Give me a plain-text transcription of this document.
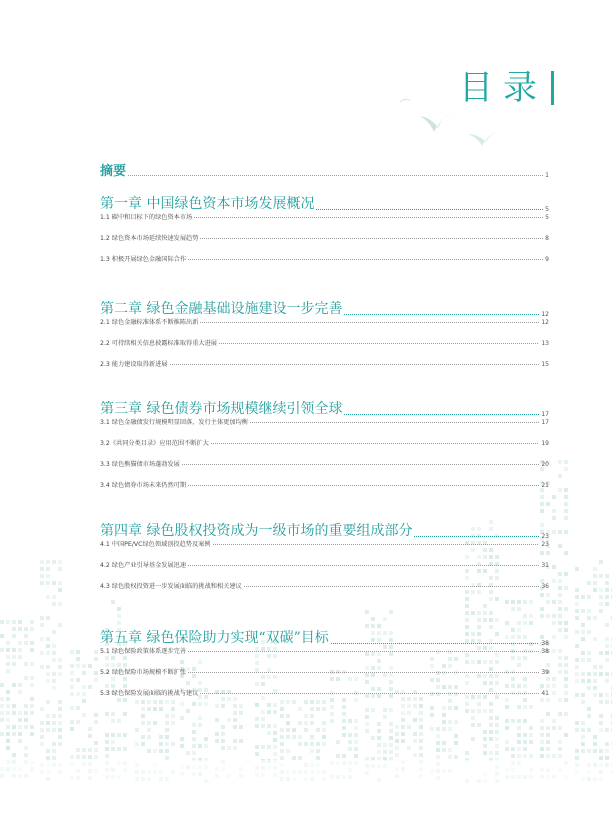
目录
摘要	1
第一章 中国绿色资本市场发展概况	5
1.1 碳中和目标下的绿色资本市场	5
1.2 绿色资本市场延续快速发展趋势	8
1.3 积极开展绿色金融国际合作	9
第二章 绿色金融基础设施建设一步完善	12
2.1 绿色金融标准体系不断推陈出新	12
2.2 可持续相关信息披露标准取得重大进展	13
2.3 能力建设取得新进展	15
第三章 绿色债券市场规模继续引领全球	17
3.1 绿色金融债发行规模明显回落，发行主体更加均衡	17
3.2《共同分类目录》应用范围不断扩大	19
3.3 绿色熊猫债市场蓬勃发展	20
3.4 绿色债券市场未来仍然可期	21
第四章 绿色股权投资成为一级市场的重要组成部分	23
4.1 中国PE/VC绿色领域创投趋势及案例	23
4.2 绿色产业引导基金发展迅速	31
4.3 绿色股权投资进一步发展面临的挑战和相关建议	36
第五章 绿色保险助力实现“双碳”目标	38
5.1 绿色保险政策体系逐步完善	38
5.2 绿色保险市场规模不断扩张	39
5.3 绿色保险发展面临的挑战与建议	41
